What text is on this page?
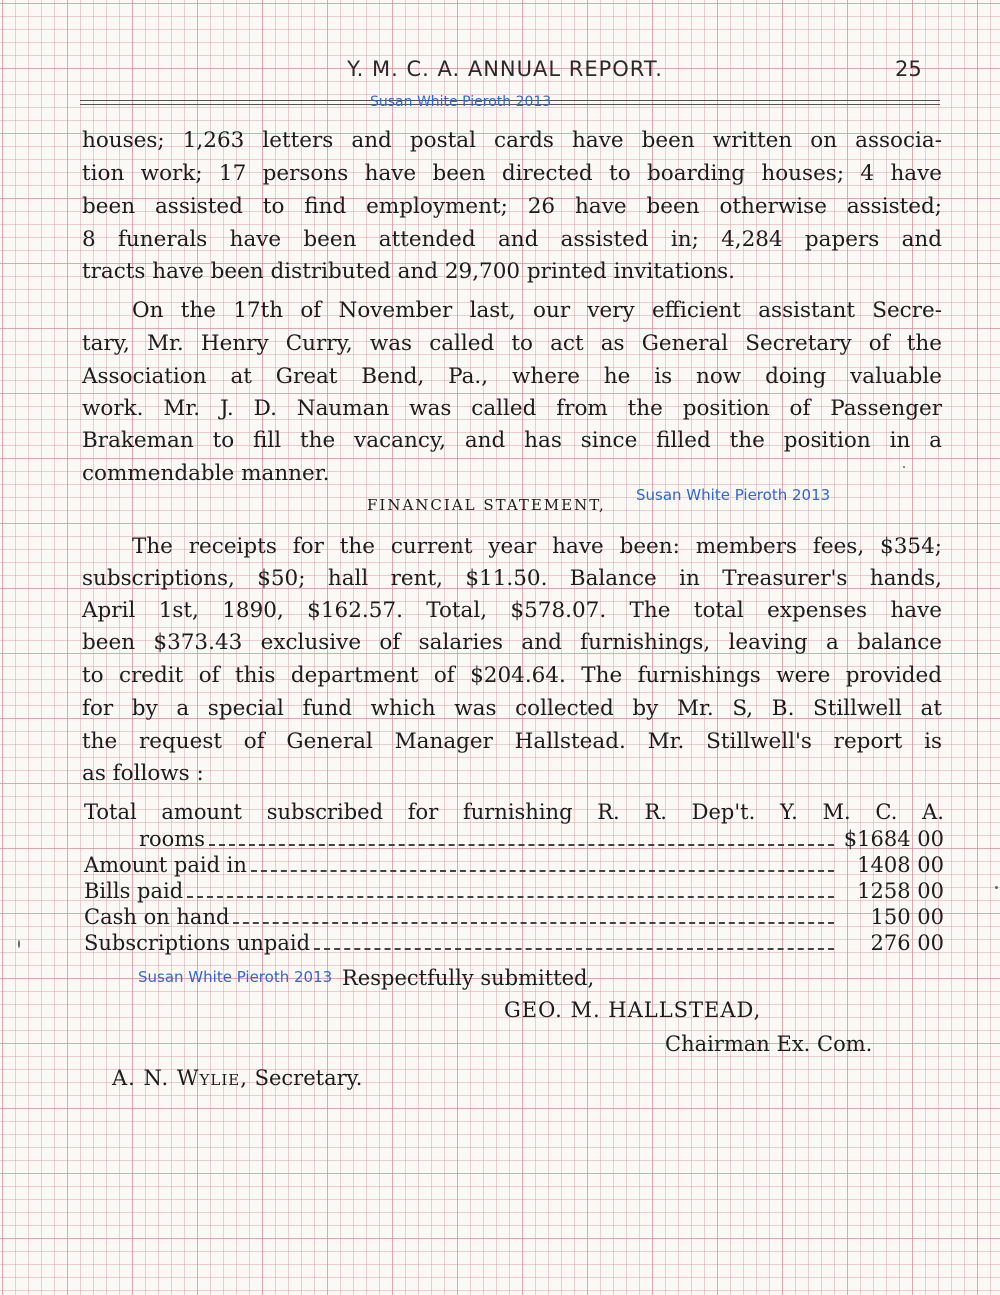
Y. M. C. A. ANNUAL REPORT.	25
Susan White Pieroth 2013
houses; 1,263 letters and postal cards have been written on associa-
tion work; 17 persons have been directed to boarding houses; 4 have
been assisted to find employment; 26 have been otherwise assisted;
8 funerals have been attended and assisted in; 4,284 papers and
tracts have been distributed and 29,700 printed invitations.
On the 17th of November last, our very efficient assistant Secre-
tary, Mr. Henry Curry, was called to act as General Secretary of the
Association at Great Bend, Pa., where he is now doing valuable
work. Mr. J. D. Nauman was called from the position of Passenger
Brakeman to fill the vacancy, and has since filled the position in a
commendable manner.
FINANCIAL STATEMENT,
Susan White Pieroth 2013
The receipts for the current year have been: members fees, $354;
subscriptions, $50; hall rent, $11.50. Balance in Treasurer's hands,
April 1st, 1890, $162.57. Total, $578.07. The total expenses have
been $373.43 exclusive of salaries and furnishings, leaving a balance
to credit of this department of $204.64. The furnishings were provided
for by a special fund which was collected by Mr. S, B. Stillwell at
the request of General Manager Hallstead. Mr. Stillwell's report is
as follows :
Total amount subscribed for furnishing R. R. Dep't. Y. M. C. A.
rooms	$1684 00
Amount paid in	1408 00
Bills paid	1258 00
Cash on hand	150 00
Subscriptions unpaid	276 00
Susan White Pieroth 2013 Respectfully submitted,
GEO. M. HALLSTEAD,
Chairman Ex. Com.
A. N. Wylie, Secretary.
